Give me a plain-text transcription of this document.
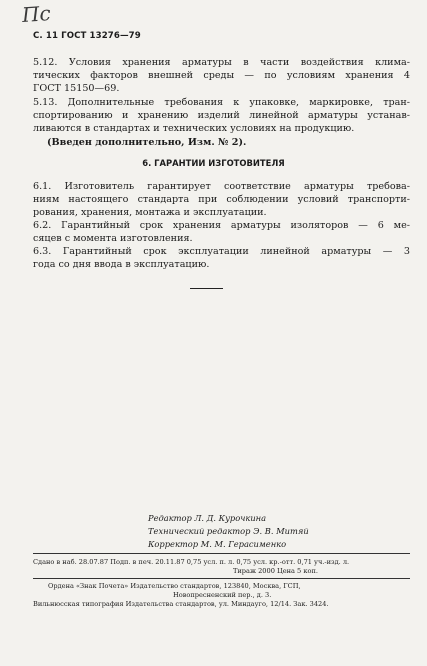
Пс
С. 11 ГОСТ 13276—79
5.12. Условия хранения арматуры в части воздействия клима-
тических факторов внешней среды — по условиям хранения 4
ГОСТ 15150—69.
5.13. Дополнительные требования к упаковке, маркировке, тран-
спортированию и хранению изделий линейной арматуры устанав-
ливаются в стандартах и технических условиях на продукцию.
(Введен дополнительно, Изм. № 2).
6. ГАРАНТИИ ИЗГОТОВИТЕЛЯ
6.1. Изготовитель гарантирует соответствие арматуры требова-
ниям настоящего стандарта при соблюдении условий транспорти-
рования, хранения, монтажа и эксплуатации.
6.2. Гарантийный срок хранения арматуры изоляторов — 6 ме-
сяцев с момента изготовления.
6.3. Гарантийный срок эксплуатации линейной арматуры — 3
года со дня ввода в эксплуатацию.
Редактор Л. Д. Курочкина
Технический редактор Э. В. Митяй
Корректор М. М. Герасименко
Сдано в наб. 28.07.87 Подп. в печ. 20.11.87 0,75 усл. п. л. 0,75 усл. кр.-отт. 0,71 уч.-изд. л.
Тираж 2000 Цена 5 коп.
Ордена «Знак Почета» Издательство стандартов, 123840, Москва, ГСП,
Новопресненский пер., д. 3.
Вильнюсская типография Издательства стандартов, ул. Миндауго, 12/14. Зак. 3424.
